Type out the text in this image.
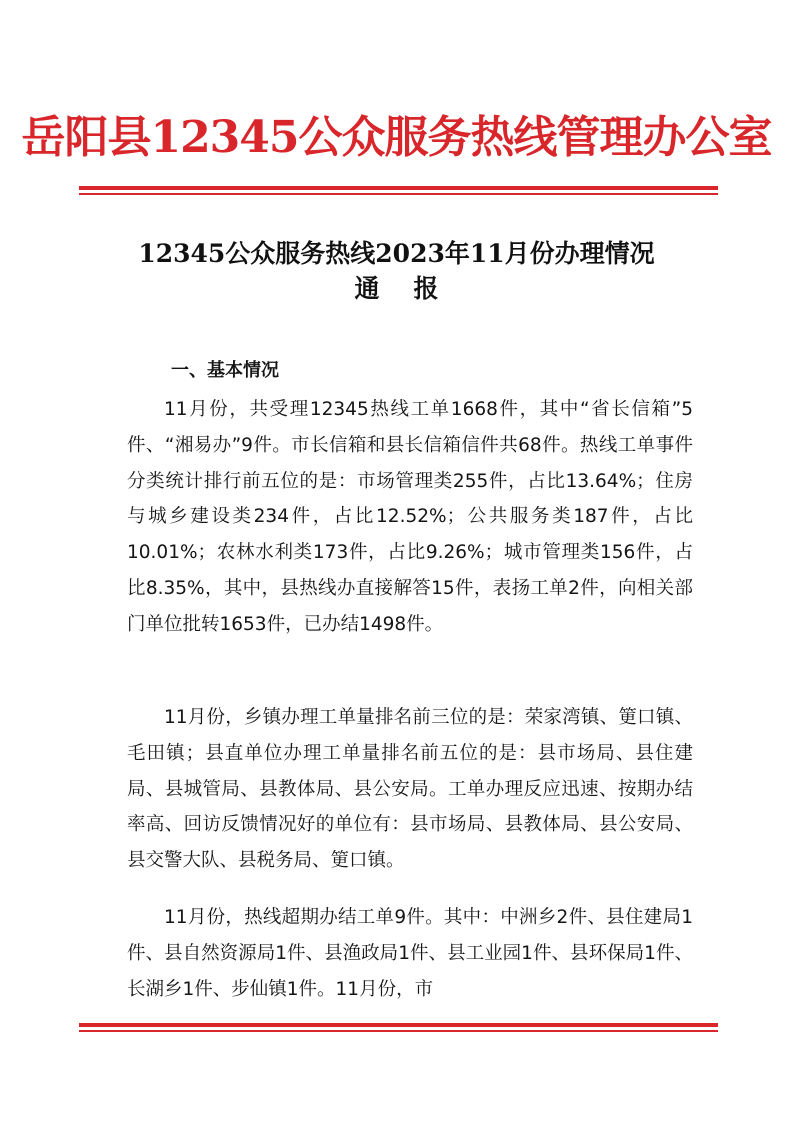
岳阳县12345公众服务热线管理办公室
12345公众服务热线2023年11月份办理情况
通报
一、基本情况
11月份，共受理12345热线工单1668件，其中“省长信箱”5件、“湘易办”9件。市长信箱和县长信箱信件共68件。热线工单事件分类统计排行前五位的是：市场管理类255件，占比13.64%；住房与城乡建设类234件，占比12.52%；公共服务类187件，占比10.01%；农林水利类173件，占比9.26%；城市管理类156件，占比8.35%，其中，县热线办直接解答15件，表扬工单2件，向相关部门单位批转1653件，已办结1498件。
11月份，乡镇办理工单量排名前三位的是：荣家湾镇、筻口镇、毛田镇；县直单位办理工单量排名前五位的是：县市场局、县住建局、县城管局、县教体局、县公安局。工单办理反应迅速、按期办结率高、回访反馈情况好的单位有：县市场局、县教体局、县公安局、县交警大队、县税务局、筻口镇。
11月份，热线超期办结工单9件。其中：中洲乡2件、县住建局1件、县自然资源局1件、县渔政局1件、县工业园1件、县环保局1件、长湖乡1件、步仙镇1件。11月份，市
